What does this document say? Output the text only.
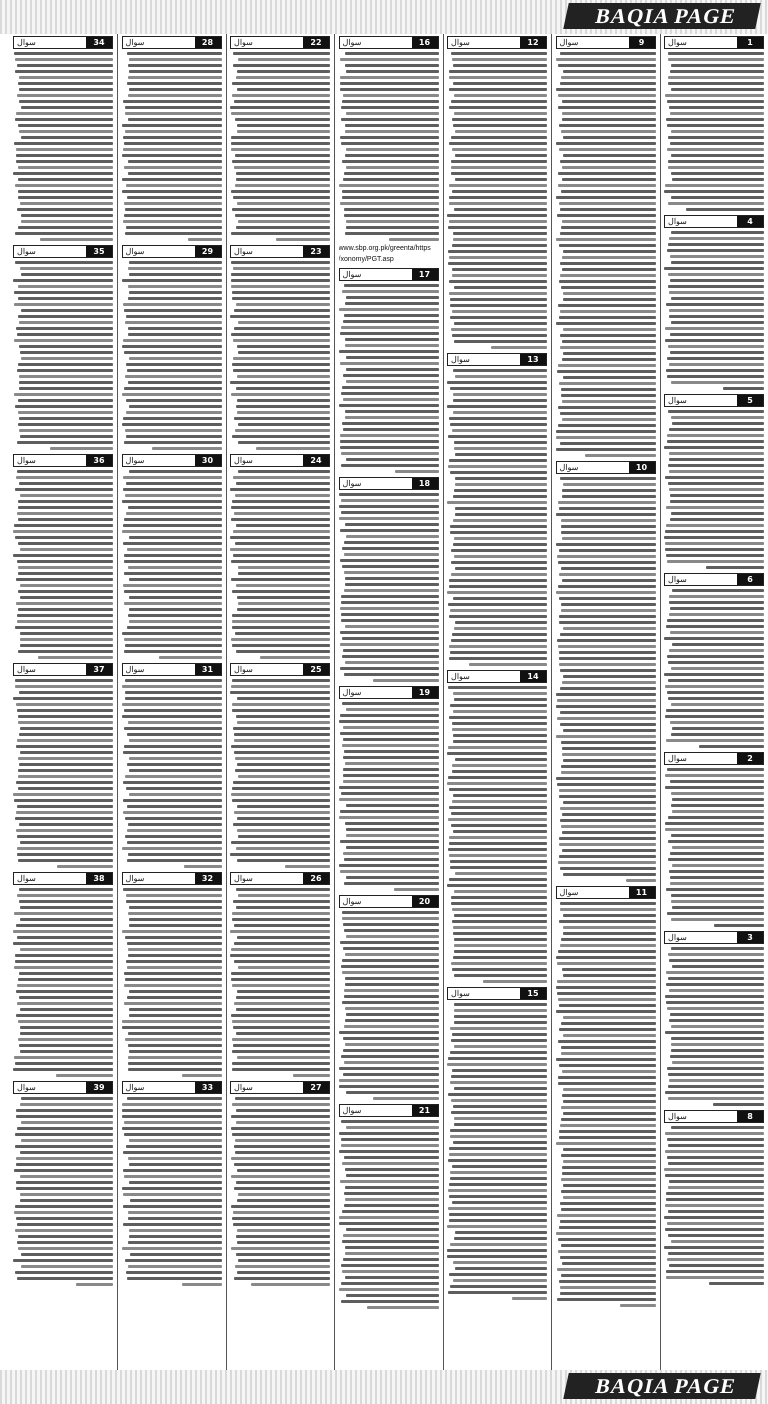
BAQIA PAGE
سوال	1
سوال	4
سوال	5
سوال	6
سوال	2
سوال	3
سوال	8
سوال	9
سوال	10
سوال	11
سوال	12
سوال	13
سوال	14
سوال	15
سوال	16
www.sbp.org.pk/greenta/https
/xonomy/PGT.asp
سوال	17
سوال	18
سوال	19
سوال	20
سوال	21
سوال	22
سوال	23
سوال	24
سوال	25
سوال	26
سوال	27
سوال	28
سوال	29
سوال	30
سوال	31
سوال	32
سوال	33
سوال	34
سوال	35
سوال	36
سوال	37
سوال	38
سوال	39
BAQIA PAGE
